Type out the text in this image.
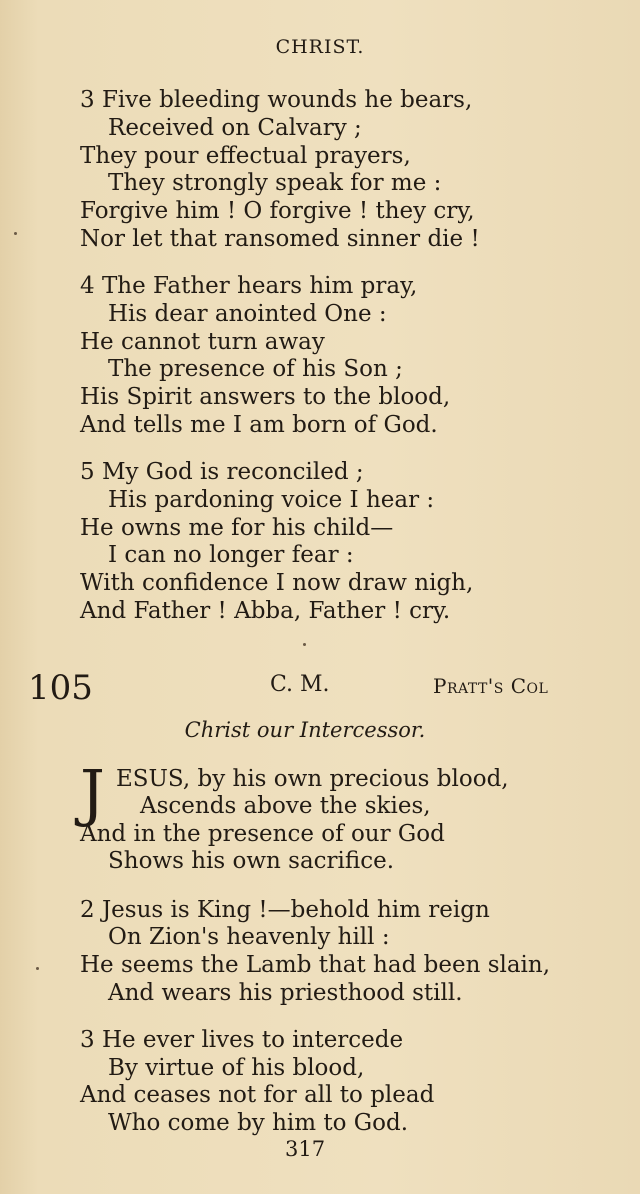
CHRIST.
3 Five bleeding wounds he bears,
Received on Calvary ;
They pour effectual prayers,
They strongly speak for me :
Forgive him ! O forgive ! they cry,
Nor let that ransomed sinner die !
4 The Father hears him pray,
His dear anointed One :
He cannot turn away
The presence of his Son ;
His Spirit answers to the blood,
And tells me I am born of God.
5 My God is reconciled ;
His pardoning voice I hear :
He owns me for his child—
I can no longer fear :
With confidence I now draw nigh,
And Father ! Abba, Father ! cry.
105	C. M.	Pratt's Col
Christ our Intercessor.
J ESUS, by his own precious blood,
Ascends above the skies,
And in the presence of our God
Shows his own sacrifice.
2 Jesus is King !—behold him reign
On Zion's heavenly hill :
He seems the Lamb that had been slain,
And wears his priesthood still.
3 He ever lives to intercede
By virtue of his blood,
And ceases not for all to plead
Who come by him to God.
317
